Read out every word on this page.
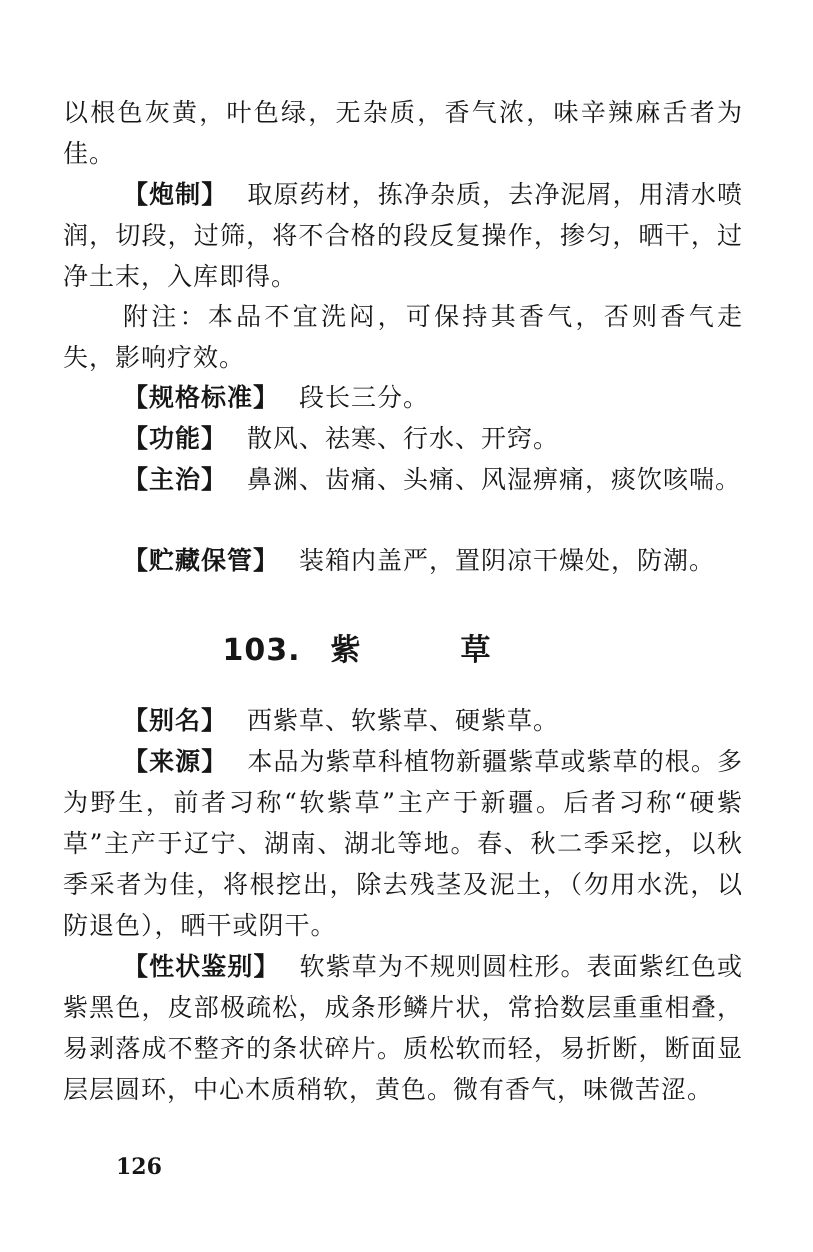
以根色灰黄，叶色绿，无杂质，香气浓，味辛辣麻舌者为佳。

【炮制】 取原药材，拣净杂质，去净泥屑，用清水喷润，切段，过筛，将不合格的段反复操作，掺匀，晒干，过净土末，入库即得。

附注：本品不宜洗闷，可保持其香气，否则香气走失，影响疗效。

【规格标准】 段长三分。

【功能】 散风、祛寒、行水、开窍。

【主治】 鼻渊、齿痛、头痛、风湿痹痛，痰饮咳喘。

【贮藏保管】 装箱内盖严，置阴凉干燥处，防潮。

103. 紫草

【别名】 西紫草、软紫草、硬紫草。

【来源】 本品为紫草科植物新疆紫草或紫草的根。多为野生，前者习称“软紫草”主产于新疆。后者习称“硬紫草”主产于辽宁、湖南、湖北等地。春、秋二季采挖，以秋季采者为佳，将根挖出，除去残茎及泥土，（勿用水洗，以防退色），晒干或阴干。

【性状鉴别】 软紫草为不规则圆柱形。表面紫红色或紫黑色，皮部极疏松，成条形鳞片状，常拾数层重重相叠，易剥落成不整齐的条状碎片。质松软而轻，易折断，断面显层层圆环，中心木质稍软，黄色。微有香气，味微苦涩。

126
